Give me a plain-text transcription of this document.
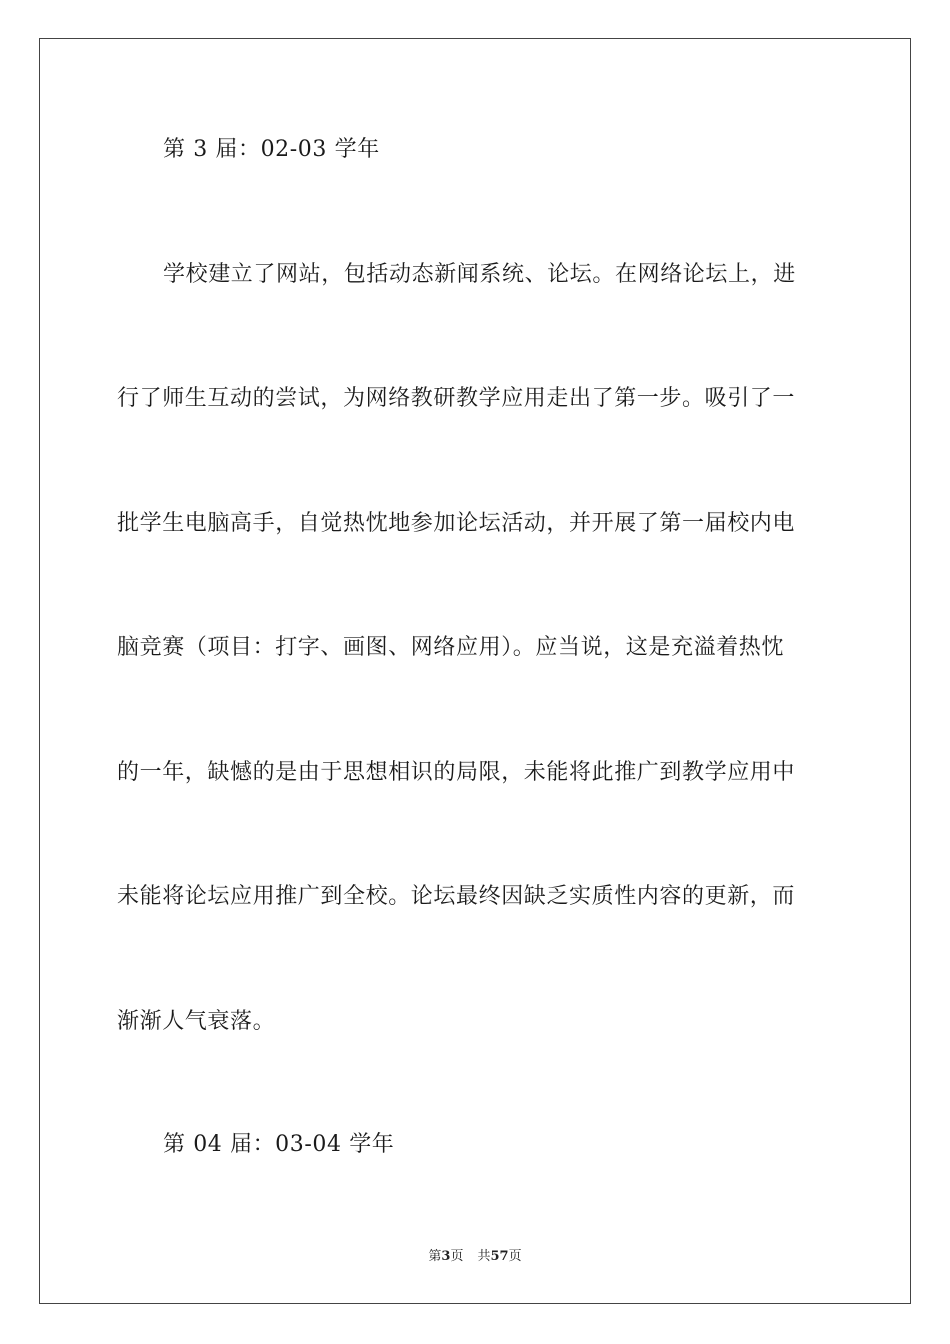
第 3 届：02-03 学年
学校建立了网站，包括动态新闻系统、论坛。在网络论坛上，进
行了师生互动的尝试，为网络教研教学应用走出了第一步。吸引了一
批学生电脑高手，自觉热忱地参加论坛活动，并开展了第一届校内电
脑竞赛（项目：打字、画图、网络应用）。应当说，这是充溢着热忱
的一年，缺憾的是由于思想相识的局限，未能将此推广到教学应用中
未能将论坛应用推广到全校。论坛最终因缺乏实质性内容的更新，而
渐渐人气衰落。
第 04 届：03-04 学年
第3页 共57页
